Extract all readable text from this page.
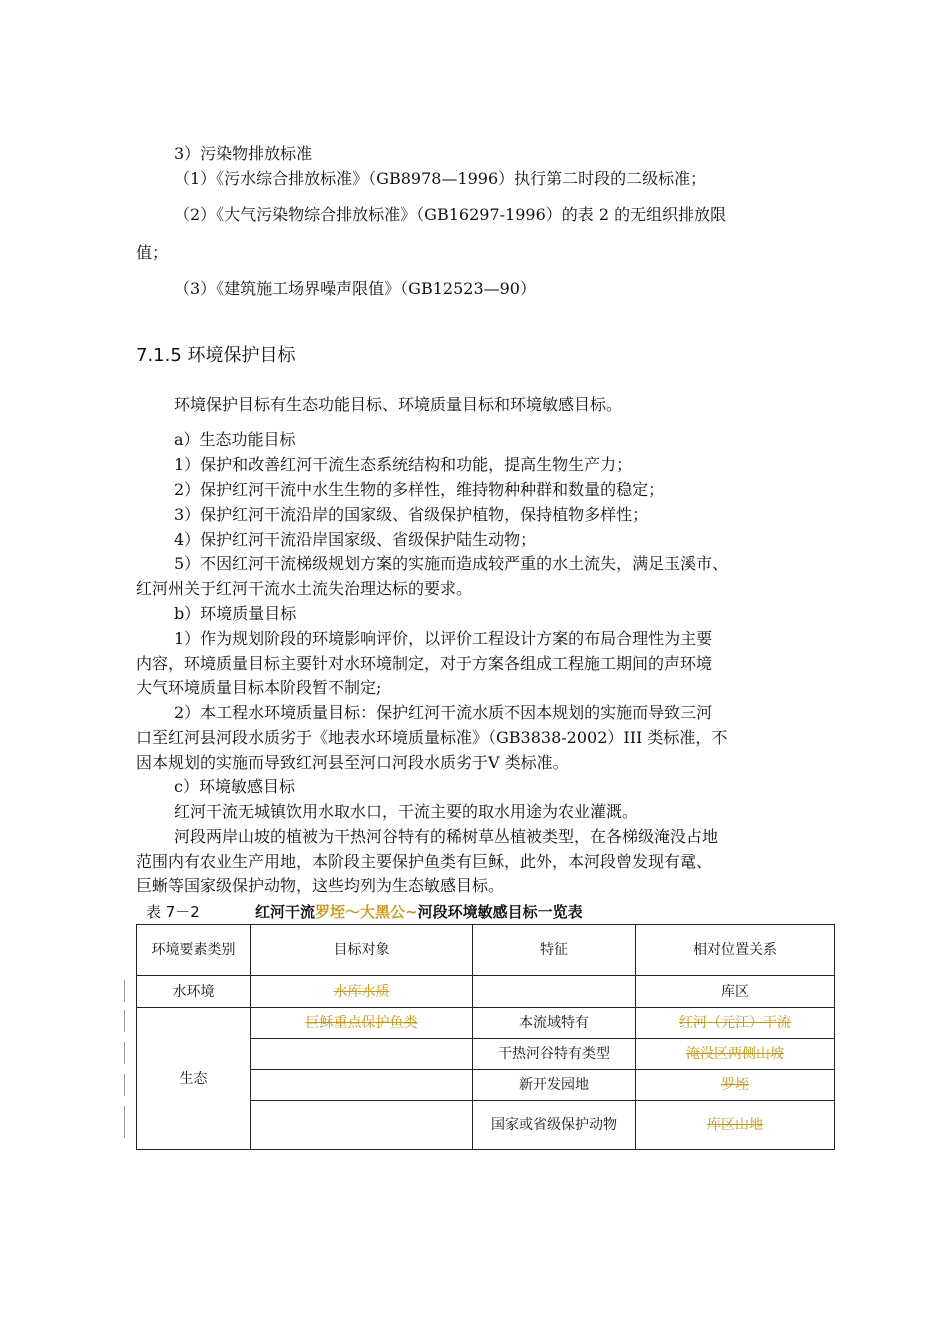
3）污染物排放标准
（1）《污水综合排放标准》（GB8978—1996）执行第二时段的二级标准；
（2）《大气污染物综合排放标准》（GB16297-1996）的表 2 的无组织排放限
值；
（3）《建筑施工场界噪声限值》（GB12523—90）
7.1.5 环境保护目标
环境保护目标有生态功能目标、环境质量目标和环境敏感目标。
a）生态功能目标
1）保护和改善红河干流生态系统结构和功能，提高生物生产力；
2）保护红河干流中水生生物的多样性，维持物种种群和数量的稳定；
3）保护红河干流沿岸的国家级、省级保护植物，保持植物多样性；
4）保护红河干流沿岸国家级、省级保护陆生动物；
5）不因红河干流梯级规划方案的实施而造成较严重的水土流失，满足玉溪市、
红河州关于红河干流水土流失治理达标的要求。
b）环境质量目标
1）作为规划阶段的环境影响评价，以评价工程设计方案的布局合理性为主要
内容，环境质量目标主要针对水环境制定，对于方案各组成工程施工期间的声环境
大气环境质量目标本阶段暂不制定;
2）本工程水环境质量目标：保护红河干流水质不因本规划的实施而导致三河
口至红河县河段水质劣于《地表水环境质量标准》（GB3838-2002）III 类标准，不
因本规划的实施而导致红河县至河口河段水质劣于Ⅴ 类标准。
c）环境敏感目标
红河干流无城镇饮用水取水口，干流主要的取水用途为农业灌溉。
河段两岸山坡的植被为干热河谷特有的稀树草丛植被类型，在各梯级淹没占地
范围内有农业生产用地，本阶段主要保护鱼类有巨稣，此外，本河段曾发现有鼋、
巨蜥等国家级保护动物，这些均列为生态敏感目标。
表 7－2	红河干流罗垤～大黑公~河段环境敏感目标一览表
环境要素类别	目标对象	特征	相对位置关系
水环境	水库水质		库区
生态	巨稣重点保护鱼类	本流域特有	红河（元江）干流
		干热河谷特有类型	淹没区两侧山坡
		新开发园地	罗垤
		国家或省级保护动物	库区山地
